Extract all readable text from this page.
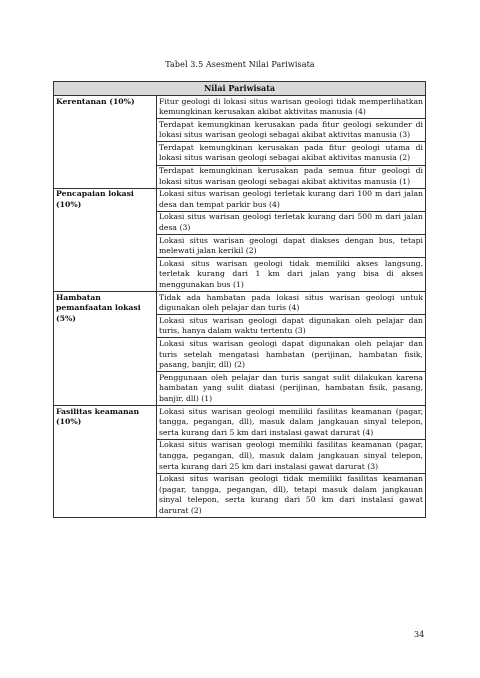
Tabel 3.5 Asesment Nilai Pariwisata
Nilai Pariwisata	
Kerentanan (10%)	Fitur geologi di lokasi situs warisan geologi tidak memperlihatkan kemungkinan kerusakan akibat aktivitas manusia (4)
	Terdapat kemungkinan kerusakan pada fitur geologi sekunder di lokasi situs warisan geologi sebagai akibat aktivitas manusia (3)
	Terdapat kemungkinan kerusakan pada fitur geologi utama di lokasi situs warisan geologi sebagai akibat aktivitas manusia (2)
	Terdapat kemungkinan kerusakan pada semua fitur geologi di lokasi situs warisan geologi sebagai akibat aktivitas manusia (1)
Pencapaian lokasi (10%)	Lokasi situs warisan geologi terletak kurang dari 100 m dari jalan desa dan tempat parkir bus (4)
	Lokasi situs warisan geologi terletak kurang dari 500 m dari jalan desa (3)
	Lokasi situs warisan geologi dapat diakses dengan bus, tetapi melewati jalan kerikil (2)
	Lokasi situs warisan geologi tidak memiliki akses langsung, terletak kurang dari 1 km dari jalan yang bisa di akses menggunakan bus (1)
Hambatan pemanfaatan lokasi (5%)	Tidak ada hambatan pada lokasi situs warisan geologi untuk digunakan oleh pelajar dan turis (4)
	Lokasi situs warisan geologi dapat digunakan oleh pelajar dan turis, hanya dalam waktu tertentu (3)
	Lokasi situs warisan geologi dapat digunakan oleh pelajar dan turis setelah mengatasi hambatan (perijinan, hambatan fisik, pasang, banjir, dll) (2)
	Penggunaan oleh pelajar dan turis sangat sulit dilakukan karena hambatan yang sulit diatasi (perijinan, hambatan fisik, pasang, banjir, dll) (1)
Fasilitas keamanan (10%)	Lokasi situs warisan geologi memiliki fasilitas keamanan (pagar, tangga, pegangan, dll), masuk dalam jangkauan sinyal telepon, serta kurang dari 5 km dari instalasi gawat darurat (4)
	Lokasi situs warisan geologi memiliki fasilitas keamanan (pagar, tangga, pegangan, dll), masuk dalam jangkauan sinyal telepon, serta kurang dari 25 km dari instalasi gawat darurat (3)
	Lokasi situs warisan geologi tidak memiliki fasilitas keamanan (pagar, tangga, pegangan, dll), tetapi masuk dalam jangkauan sinyal telepon, serta kurang dari 50 km dari instalasi gawat darurat (2)
34
